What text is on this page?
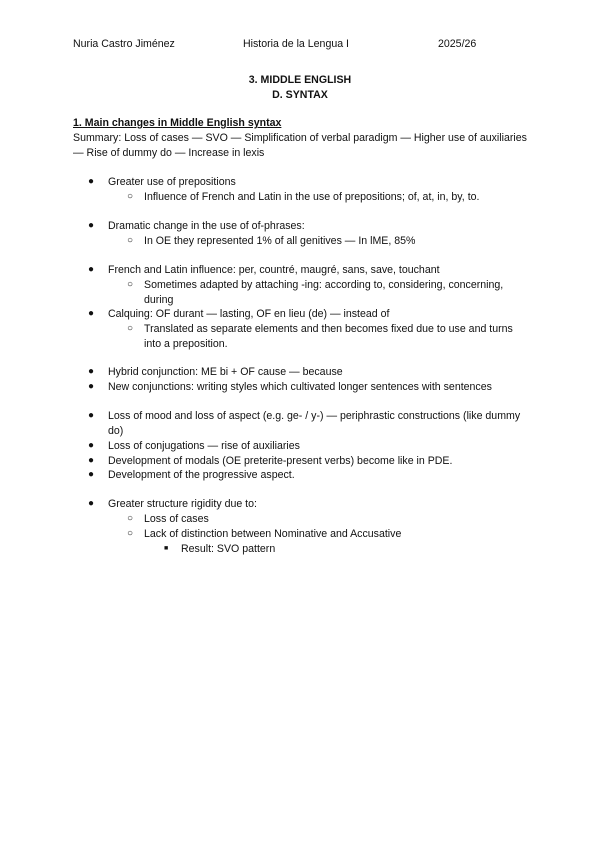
Nuria Castro Jiménez	Historia de la Lengua I	2025/26
3. MIDDLE ENGLISH
D. SYNTAX
1. Main changes in Middle English syntax
Summary: Loss of cases — SVO — Simplification of verbal paradigm — Higher use of auxiliaries — Rise of dummy do — Increase in lexis
● Greater use of prepositions
○ Influence of French and Latin in the use of prepositions; of, at, in, by, to.
● Dramatic change in the use of of-phrases:
○ In OE they represented 1% of all genitives — In lME, 85%
● French and Latin influence: per, countré, maugré, sans, save, touchant
○ Sometimes adapted by attaching -ing: according to, considering, concerning, during
● Calquing: OF durant — lasting, OF en lieu (de) — instead of
○ Translated as separate elements and then becomes fixed due to use and turns into a preposition.
● Hybrid conjunction: ME bi + OF cause — because
● New conjunctions: writing styles which cultivated longer sentences with sentences
● Loss of mood and loss of aspect (e.g. ge- / y-) — periphrastic constructions (like dummy do)
● Loss of conjugations — rise of auxiliaries
● Development of modals (OE preterite-present verbs) become like in PDE.
● Development of the progressive aspect.
● Greater structure rigidity due to:
○ Loss of cases
○ Lack of distinction between Nominative and Accusative
■ Result: SVO pattern
